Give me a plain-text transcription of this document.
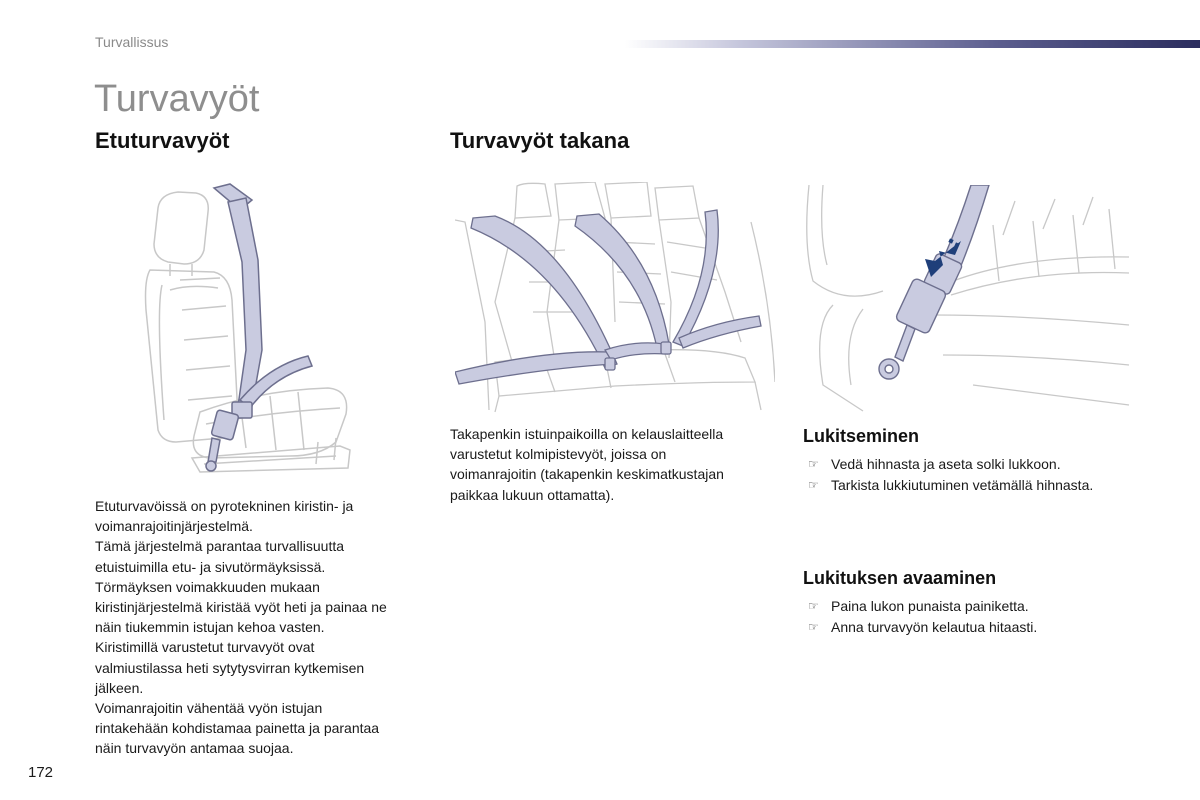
Turvallissus
Turvavyöt
Etuturvavyöt	Turvavyöt takana

Etuturvavöissä on pyrotekninen kiristin- ja
voimanrajoitinjärjestelmä.
Tämä järjestelmä parantaa turvallisuutta
etuistuimilla etu- ja sivutörmäyksissä.
Törmäyksen voimakkuuden mukaan
kiristinjärjestelmä kiristää vyöt heti ja painaa ne
näin tiukemmin istujan kehoa vasten.
Kiristimillä varustetut turvavyöt ovat
valmiustilassa heti sytytysvirran kytkemisen
jälkeen.
Voimanrajoitin vähentää vyön istujan
rintakehään kohdistamaa painetta ja parantaa
näin turvavyön antamaa suojaa.

Takapenkin istuinpaikoilla on kelauslaitteella
varustetut kolmipistevyöt, joissa on
voimanrajoitin (takapenkin keskimatkustajan
paikkaa lukuun ottamatta).

Lukitseminen
☞ Vedä hihnasta ja aseta solki lukkoon.
☞ Tarkista lukkiutuminen vetämällä hihnasta.
Lukituksen avaaminen
☞ Paina lukon punaista painiketta.
☞ Anna turvavyön kelautua hitaasti.
172
